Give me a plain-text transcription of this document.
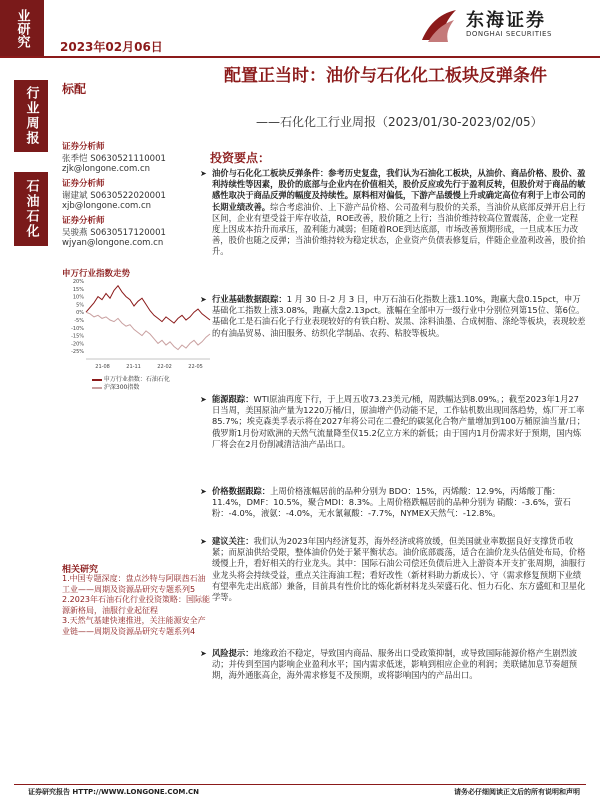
业研究	2023年02月06日
东海证券
DONGHAI SECURITIES
行业周报
石油石化
标配
配置正当时：油价与石化化工板块反弹条件
——石化化工行业周报（2023/01/30-2023/02/05）
证券分析师
张季恺 S0630521110001
zjk@longone.com.cn
证券分析师
谢建斌 S0630522020001
xjb@longone.com.cn
证券分析师
吴骏燕 S0630517120001
wjyan@longone.com.cn
申万行业指数走势
20%
15%
10%
5%
0%
-5%
-10%
-15%
-20%
-25%
21-08	21-11	22-02	22-05
申万行业指数：石油石化
沪深300指数
相关研究
1.中国专题深度：盘点沙特与阿联酋石油工业——周期及资源品研究专题系列5
2.2023年石油石化行业投资策略：国际能源新格局，油服行业起征程
3.天然气基建快速推进，关注能源安全产业链——周期及资源品研究专题系列4
投资要点：
➤ 油价与石化化工板块反弹条件：参考历史复盘，我们认为石油化工板块，从油价、商品价格、股价、盈利持续性等因素，股价的底部与企业内在价值相关，股价反应或先行于盈利反转，但股价对于商品的敏感性取决于商品反弹的幅度及持续性。原料相对偏低，下游产品缓慢上升或确定高位有利于上市公司的长期业绩改善。综合考虑油价、上下游产品价格、公司盈利与股价的关系，当油价从底部反弹开启上行区间，企业有望受益于库存收益，ROE改善，股价随之上行；当油价维持较高位置震荡，企业一定程度上因成本抬升而承压，盈利能力减弱；但随着ROE到达底部，市场改善预期形成，一旦成本压力改善，股价也随之反弹；当油价维持较为稳定状态，企业资产负债表修复后，伴随企业盈利改善，股价抬升。
➤ 行业基础数据跟踪：1 月 30 日-2 月 3 日，申万石油石化指数上涨1.10%，跑赢大盘0.15pct，申万基础化工指数上涨3.08%，跑赢大盘2.13pct。涨幅在全部申万一级行业中分别位列第15位、第6位。基础化工是石油石化子行业表现较好的有铁白粉、炭黑、涂料油墨、合成树脂、涤纶等板块，表现较差的有油品贸易、油田服务、纺织化学制品、农药、粘胶等板块。
➤ 能源跟踪：WTI原油再度下行，于上周五收73.23美元/桶，周跌幅达到8.09%。；截至2023年1月27日当周，美国原油产量为1220万桶/日，原油增产仍动能不足，工作钻机数出现回落趋势，炼厂开工率85.7%；埃克森美孚表示将在2027年将公司在二叠纪的碳氢化合物产量增加到100万桶原油当量/日；俄罗斯1月份对欧洲的天然气流量降至仅15.2亿立方米的新低；由于国内1月份需求好于预期，国内炼厂将会在2月份削减清洁油产品出口。
➤ 价格数据跟踪：上周价格涨幅居前的品种分别为 BDO：15%，丙烯酸：12.9%，丙烯酸丁酯：11.4%，DMF：10.5%，聚合MDI：8.3%。上周价格跌幅居前的品种分别为 硝酸：-3.6%，萤石粉：-4.0%，液氨：-4.0%，无水氰氟酸：-7.7%，NYMEX天然气：-12.8%。
➤ 建议关注：我们认为2023年国内经济复苏，海外经济或将放缓，但美国就业率数据良好支撑货币收紧；而原油供给受限，整体油价仍处于紧平衡状态。油价底部震荡，适合在油价龙头估值处布局，价格缓慢上升，看好相关的行业龙头。其中：国际石油公司偿还负债后进入上游资本开支扩张周期，油服行业龙头将会持续受益，重点关注海油工程；看好改性（新材料助力新成长）、守（需求修复预期下业绩有望率先走出底部）兼备，目前具有性价比的炼化新材料龙头荣盛石化、恒力石化、东方盛虹和卫星化学等。
➤ 风险提示：地缘政治不稳定，导致国内商品、服务出口受政策抑制，或导致国际能源价格产生剧烈波动；并传到至国内影响企业盈利水平；国内需求低迷，影响到相应企业的利润；美联储加息节奏超预期，海外通胀高企，海外需求修复不及预期，或将影响国内的产品出口。
证券研究报告 HTTP://WWW.LONGONE.COM.CN	请务必仔细阅读正文后的所有说明和声明
